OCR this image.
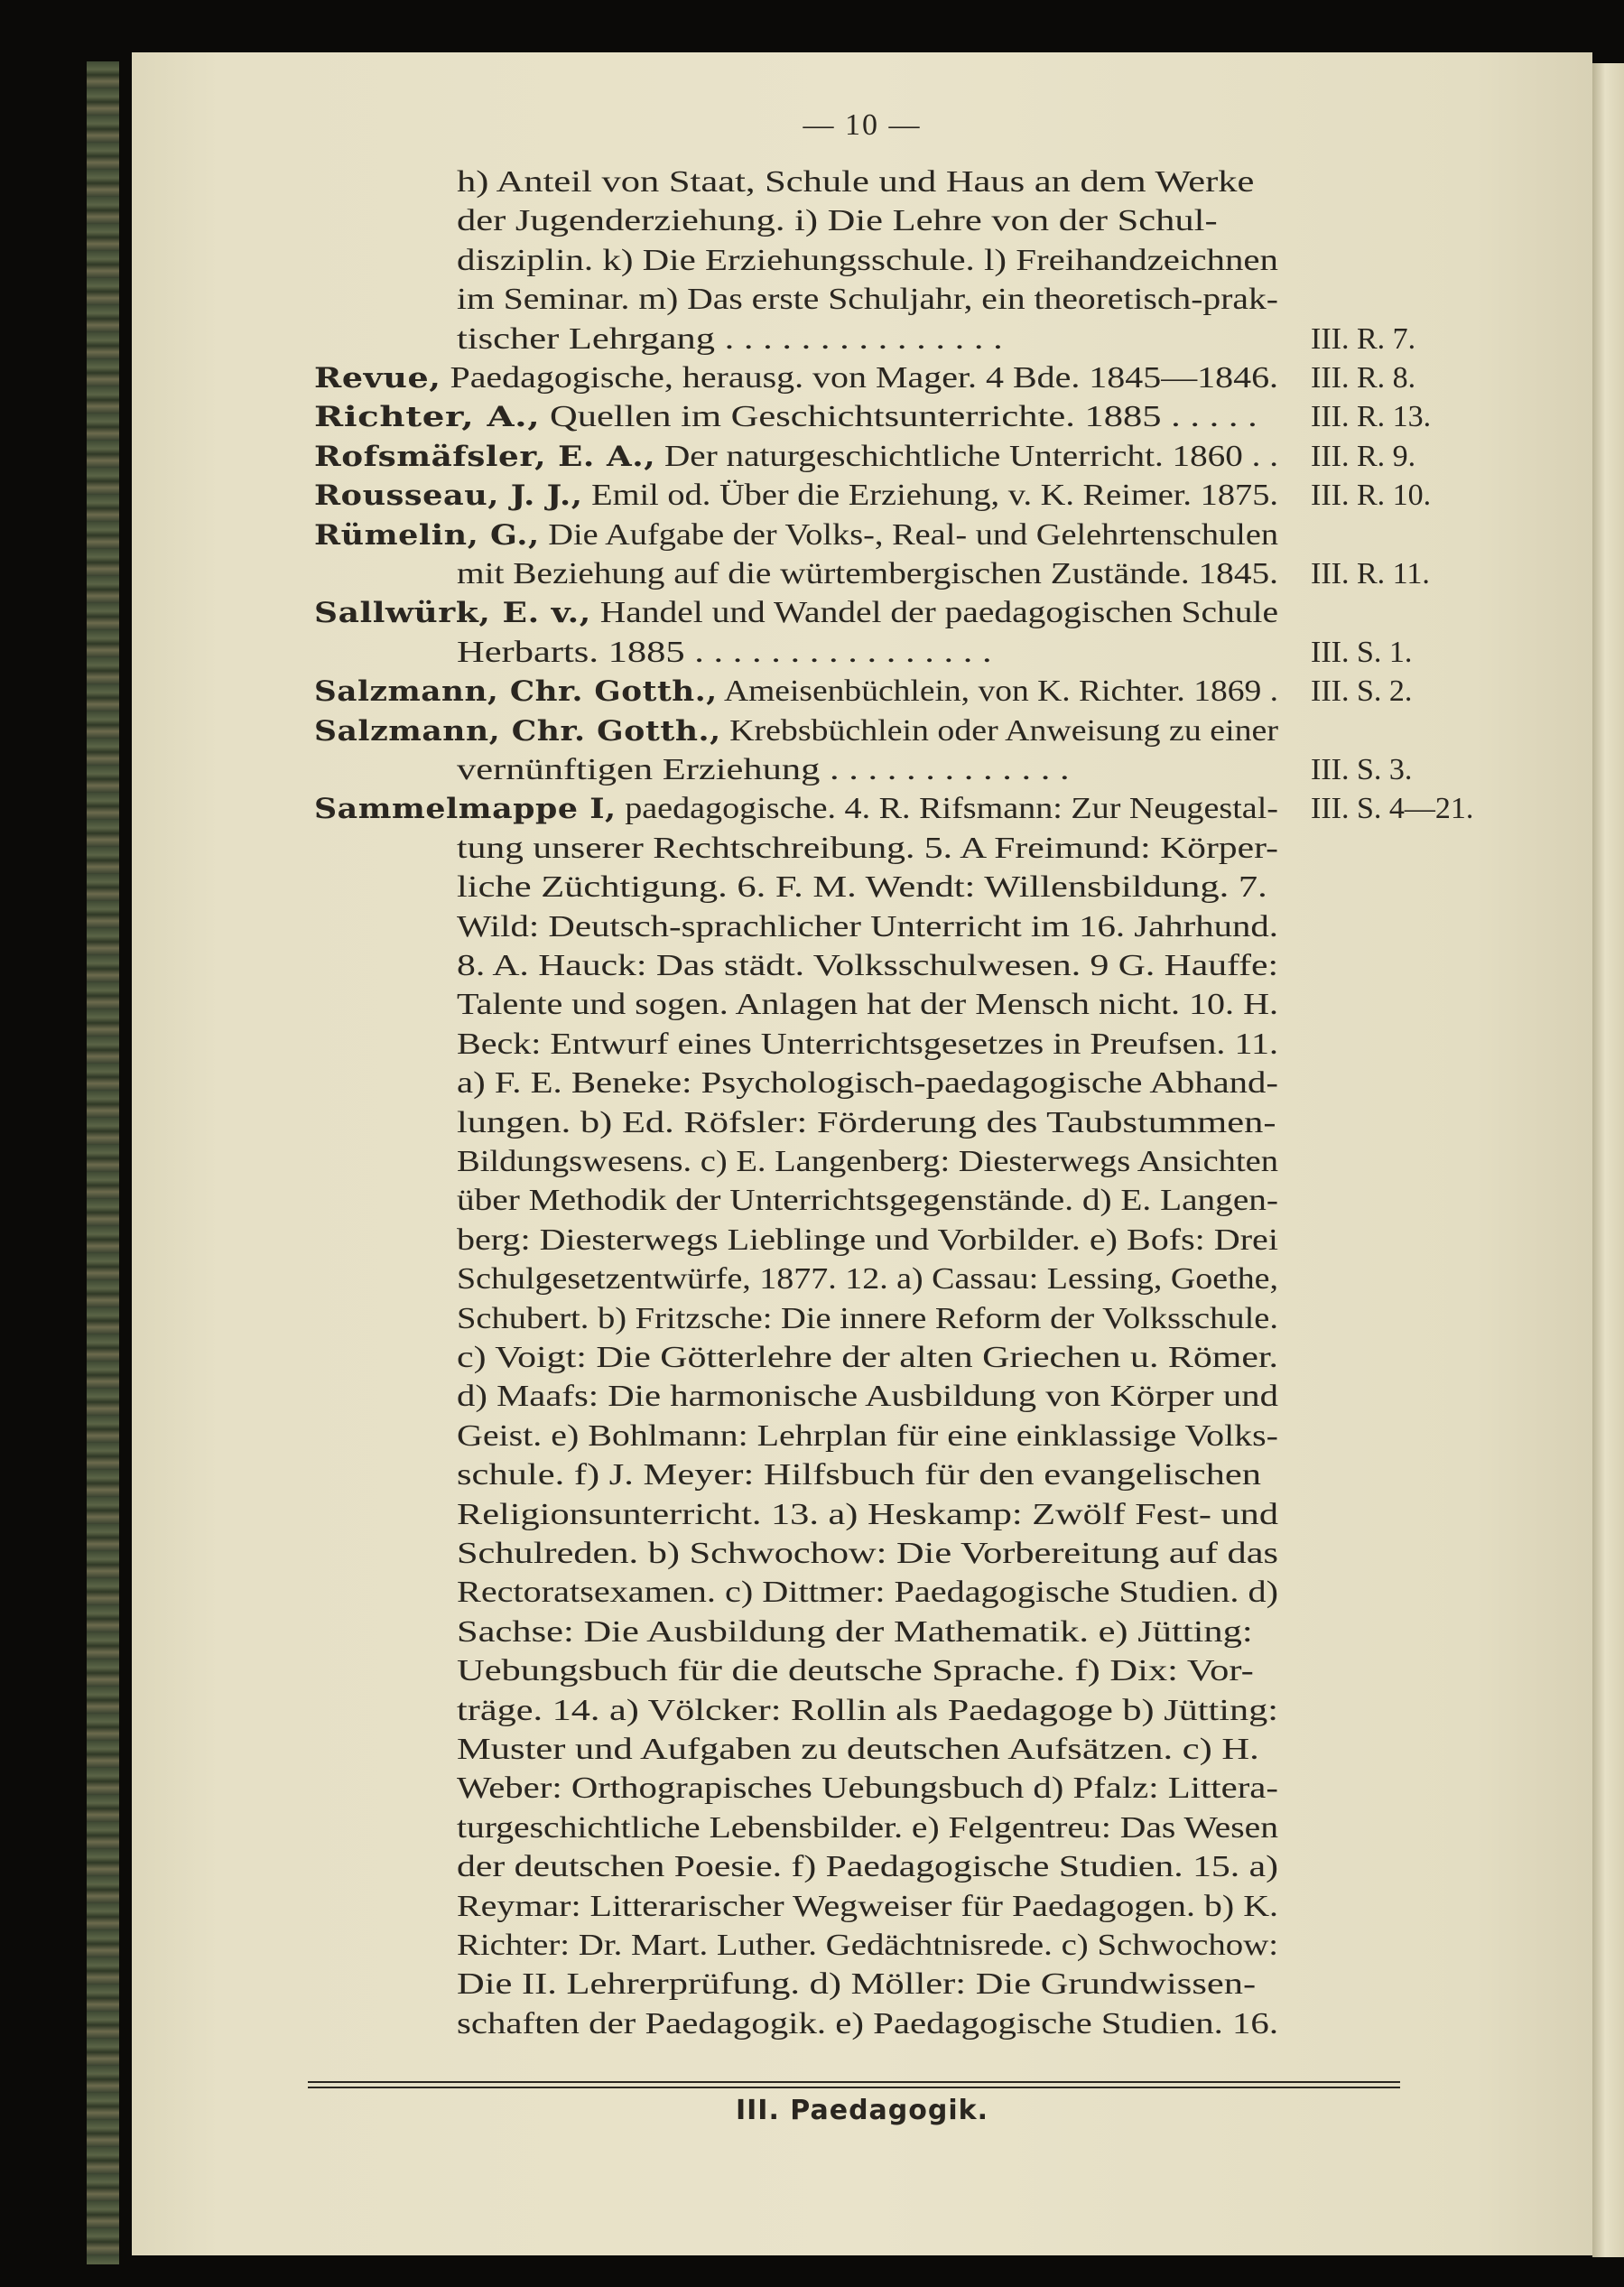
— 10 —
h) Anteil von Staat, Schule und Haus an dem Werke
der Jugenderziehung. i) Die Lehre von der Schul-
disziplin. k) Die Erziehungsschule. l) Freihandzeichnen
im Seminar. m) Das erste Schuljahr, ein theoretisch-prak-
tischer Lehrgang . . . . . . . . . . . . . . .	III. R. 7.
Revue, Paedagogische, herausg. von Mager. 4 Bde. 1845—1846. III. R. 8.
Richter, A., Quellen im Geschichtsunterrichte. 1885 . . . . . III. R. 13.
Rofsmäfsler, E. A., Der naturgeschichtliche Unterricht. 1860 . . III. R. 9.
Rousseau, J. J., Emil od. Über die Erziehung, v. K. Reimer. 1875. III. R. 10.
Rümelin, G., Die Aufgabe der Volks-, Real- und Gelehrtenschulen
mit Beziehung auf die würtembergischen Zustände. 1845. III. R. 11.
Sallwürk, E. v., Handel und Wandel der paedagogischen Schule
Herbarts. 1885 . . . . . . . . . . . . . . . .	III. S. 1.
Salzmann, Chr. Gotth., Ameisenbüchlein, von K. Richter. 1869 . III. S. 2.
Salzmann, Chr. Gotth., Krebsbüchlein oder Anweisung zu einer
vernünftigen Erziehung . . . . . . . . . . . . .	III. S. 3.
Sammelmappe I, paedagogische. 4. R. Rifsmann: Zur Neugestal- III. S. 4—21.
tung unserer Rechtschreibung. 5. A Freimund: Körper-
liche Züchtigung. 6. F. M. Wendt: Willensbildung. 7.
Wild: Deutsch-sprachlicher Unterricht im 16. Jahrhund.
8. A. Hauck: Das städt. Volksschulwesen. 9 G. Hauffe:
Talente und sogen. Anlagen hat der Mensch nicht. 10. H.
Beck: Entwurf eines Unterrichtsgesetzes in Preufsen. 11.
a) F. E. Beneke: Psychologisch-paedagogische Abhand-
lungen. b) Ed. Röfsler: Förderung des Taubstummen-
Bildungswesens. c) E. Langenberg: Diesterwegs Ansichten
über Methodik der Unterrichtsgegenstände. d) E. Langen-
berg: Diesterwegs Lieblinge und Vorbilder. e) Bofs: Drei
Schulgesetzentwürfe, 1877. 12. a) Cassau: Lessing, Goethe,
Schubert. b) Fritzsche: Die innere Reform der Volksschule.
c) Voigt: Die Götterlehre der alten Griechen u. Römer.
d) Maafs: Die harmonische Ausbildung von Körper und
Geist. e) Bohlmann: Lehrplan für eine einklassige Volks-
schule. f) J. Meyer: Hilfsbuch für den evangelischen
Religionsunterricht. 13. a) Heskamp: Zwölf Fest- und
Schulreden. b) Schwochow: Die Vorbereitung auf das
Rectoratsexamen. c) Dittmer: Paedagogische Studien. d)
Sachse: Die Ausbildung der Mathematik. e) Jütting:
Uebungsbuch für die deutsche Sprache. f) Dix: Vor-
träge. 14. a) Völcker: Rollin als Paedagoge b) Jütting:
Muster und Aufgaben zu deutschen Aufsätzen. c) H.
Weber: Orthograpisches Uebungsbuch d) Pfalz: Littera-
turgeschichtliche Lebensbilder. e) Felgentreu: Das Wesen
der deutschen Poesie. f) Paedagogische Studien. 15. a)
Reymar: Litterarischer Wegweiser für Paedagogen. b) K.
Richter: Dr. Mart. Luther. Gedächtnisrede. c) Schwochow:
Die II. Lehrerprüfung. d) Möller: Die Grundwissen-
schaften der Paedagogik. e) Paedagogische Studien. 16.
III. Paedagogik.
